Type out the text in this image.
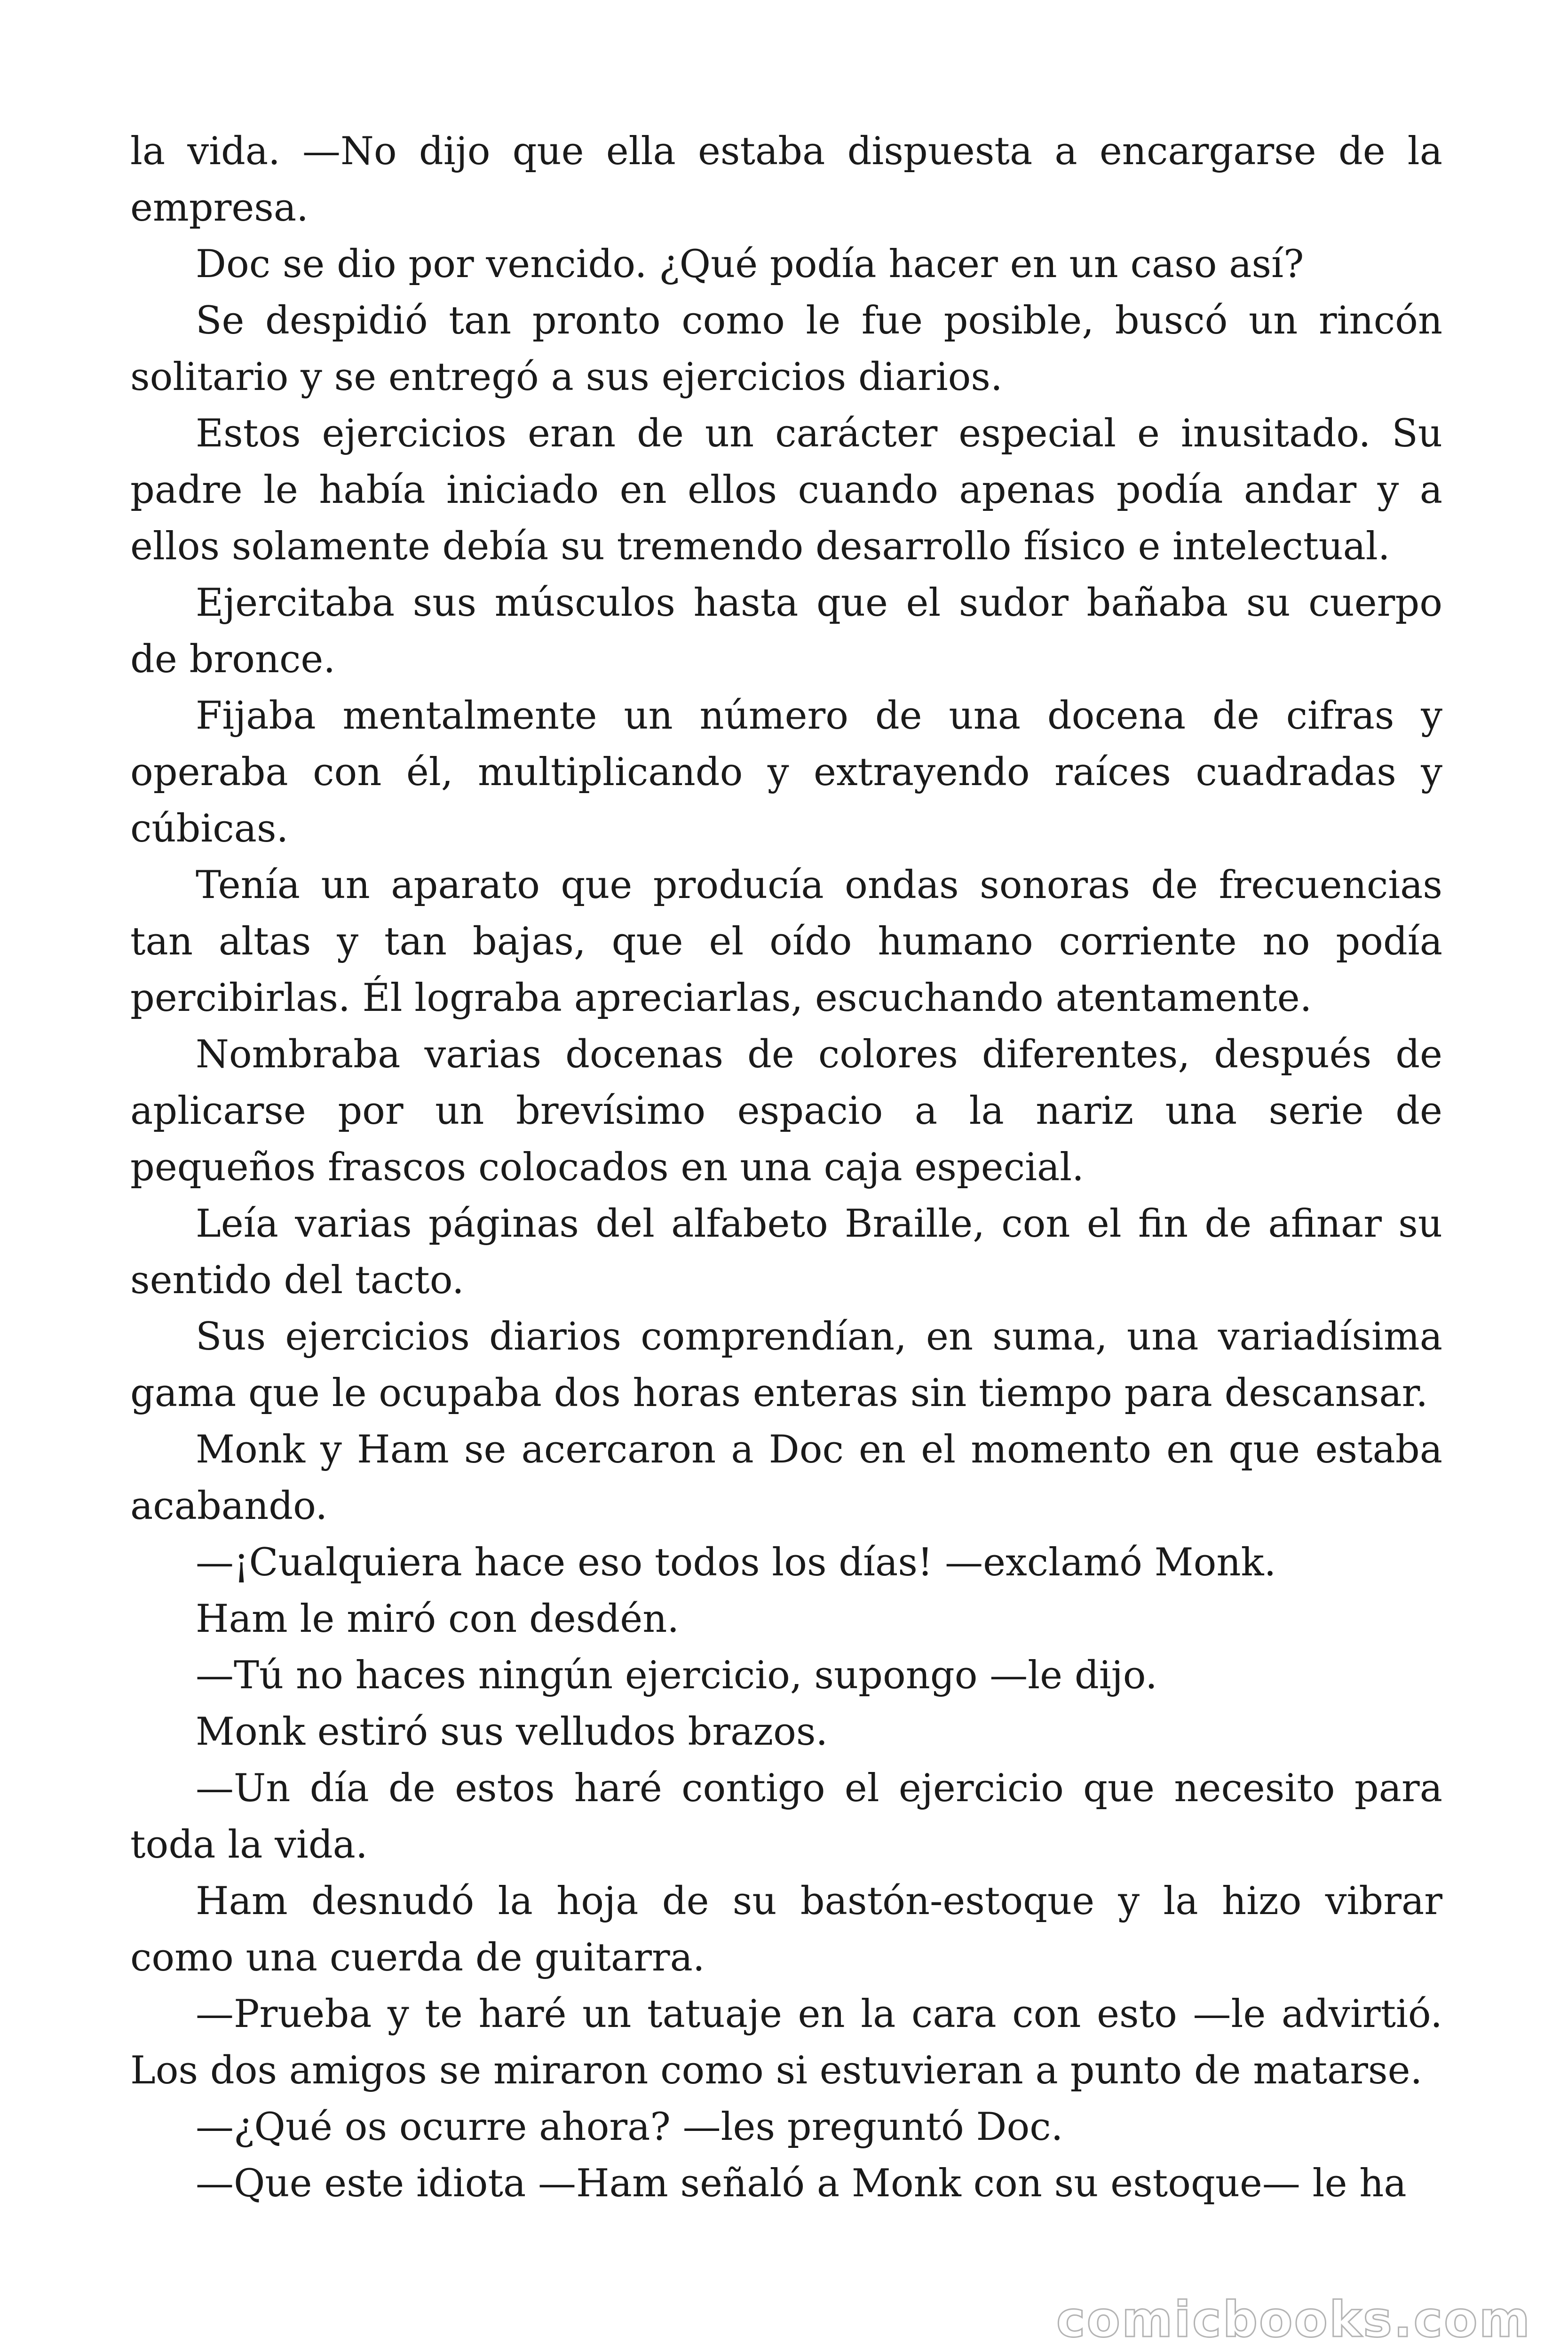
la vida. —No dijo que ella estaba dispuesta a encargarse de la empresa.

Doc se dio por vencido. ¿Qué podía hacer en un caso así?

Se despidió tan pronto como le fue posible, buscó un rincón solitario y se entregó a sus ejercicios diarios.

Estos ejercicios eran de un carácter especial e inusitado. Su padre le había iniciado en ellos cuando apenas podía andar y a ellos solamente debía su tremendo desarrollo físico e intelectual.

Ejercitaba sus músculos hasta que el sudor bañaba su cuerpo de bronce.

Fijaba mentalmente un número de una docena de cifras y operaba con él, multiplicando y extrayendo raíces cuadradas y cúbicas.

Tenía un aparato que producía ondas sonoras de frecuencias tan altas y tan bajas, que el oído humano corriente no podía percibirlas. Él lograba apreciarlas, escuchando atentamente.

Nombraba varias docenas de colores diferentes, después de aplicarse por un brevísimo espacio a la nariz una serie de pequeños frascos colocados en una caja especial.

Leía varias páginas del alfabeto Braille, con el fin de afinar su sentido del tacto.

Sus ejercicios diarios comprendían, en suma, una variadísima gama que le ocupaba dos horas enteras sin tiempo para descansar.

Monk y Ham se acercaron a Doc en el momento en que estaba acabando.

—¡Cualquiera hace eso todos los días! —exclamó Monk.

Ham le miró con desdén.

—Tú no haces ningún ejercicio, supongo —le dijo.

Monk estiró sus velludos brazos.

—Un día de estos haré contigo el ejercicio que necesito para toda la vida.

Ham desnudó la hoja de su bastón-estoque y la hizo vibrar como una cuerda de guitarra.

—Prueba y te haré un tatuaje en la cara con esto —le advirtió. Los dos amigos se miraron como si estuvieran a punto de matarse.

—¿Qué os ocurre ahora? —les preguntó Doc.

—Que este idiota —Ham señaló a Monk con su estoque— le ha

comicbooks.com
